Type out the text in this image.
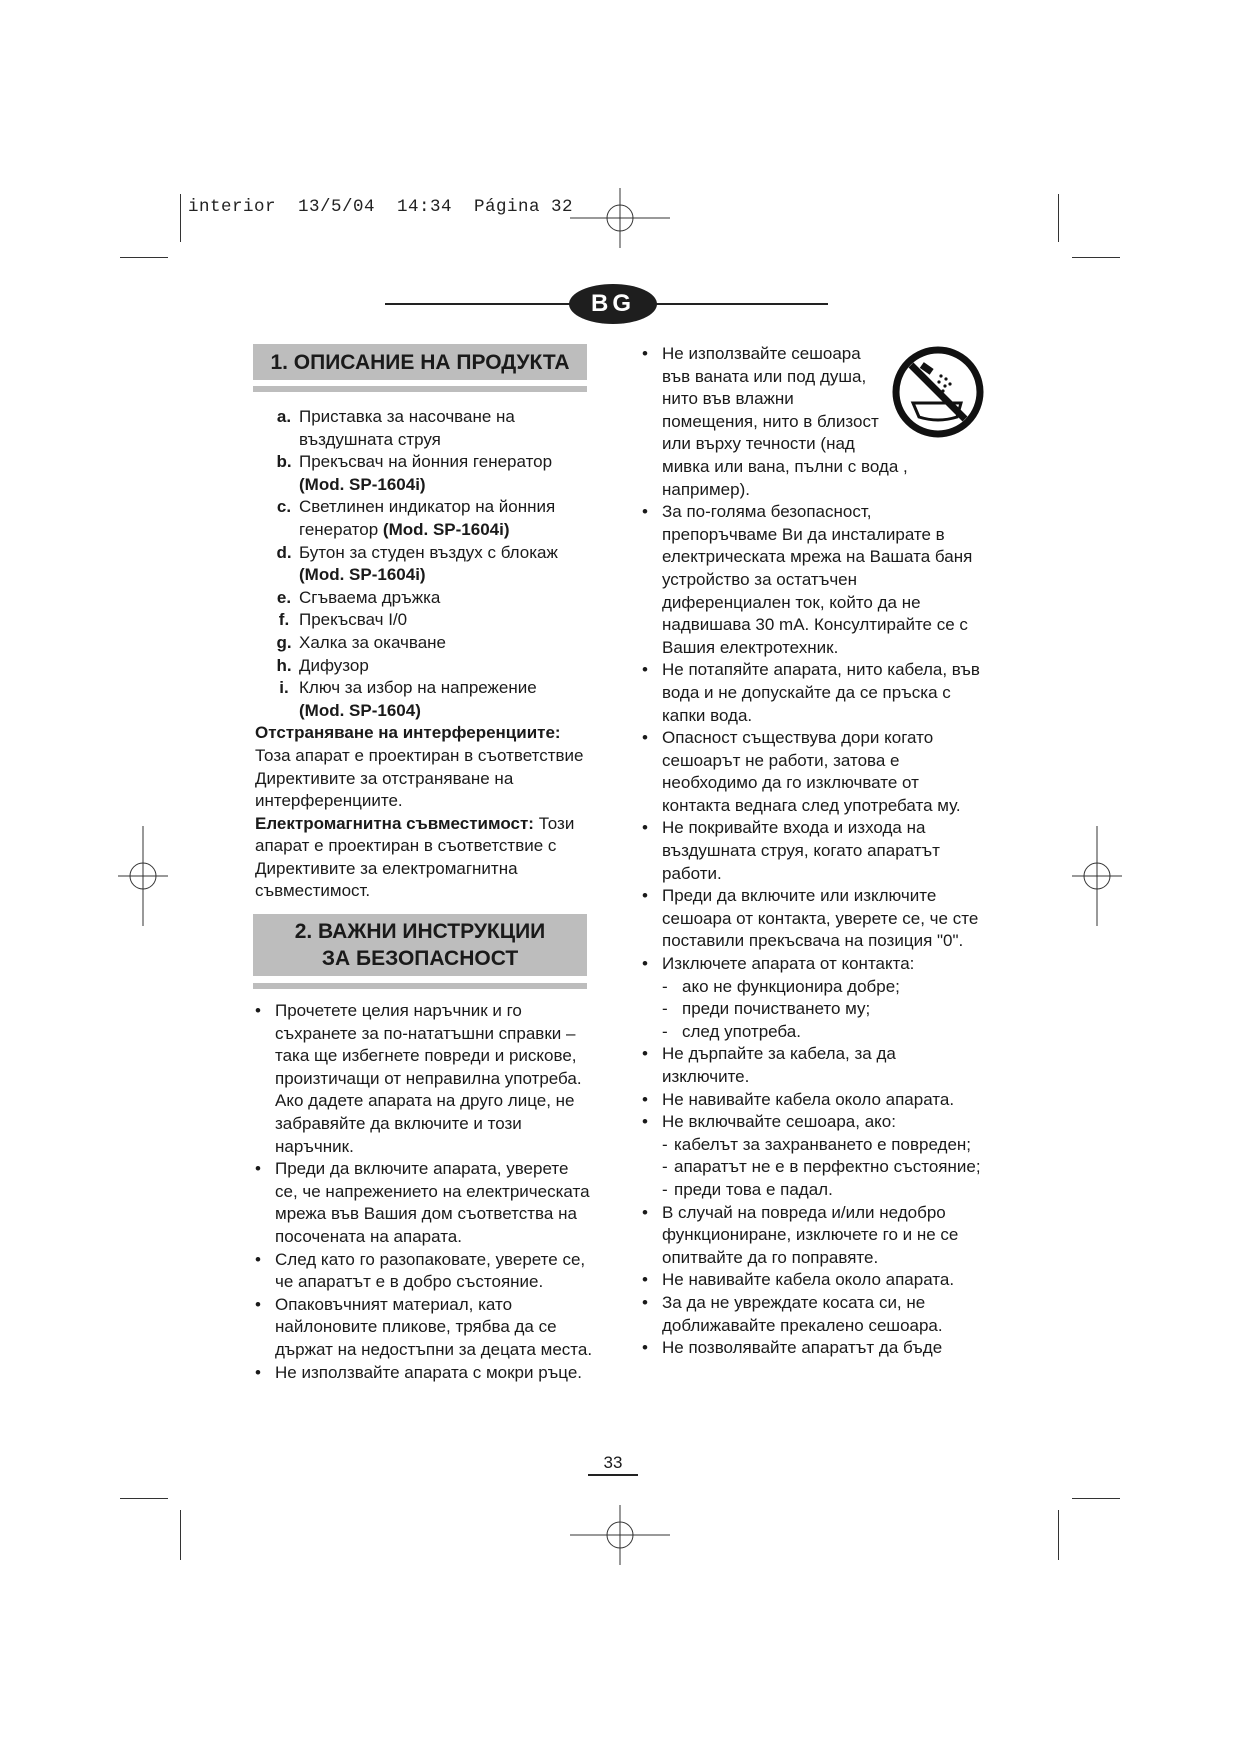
interior  13/5/04  14:34  Página 32
BG
1. ОПИСАНИЕ НА ПРОДУКТА
a. Приставка за насочване на въздушната струя
b. Прекъсвач на йонния генератор
(Mod. SP-1604i)
c. Светлинен индикатор на йонния генератор (Mod. SP-1604i)
d. Бутон за студен въздух с блокаж
(Mod. SP-1604i)
e. Сгъваема дръжка
f. Прекъсвач I/0
g. Халка за окачване
h. Дифузор
i. Ключ за избор на напрежение
(Mod. SP-1604)
Отстраняване на интерференциите:
Тоза апарат е проектиран в съответствие Директивите за отстраняване на интерференциите.
Електромагнитна съвместимост: Този апарат е проектиран в съответствие с Директивите за електромагнитна съвместимост.
2. ВАЖНИ ИНСТРУКЦИИ
ЗА БЕЗОПАСНОСТ
• Прочетете целия наръчник и го съхранете за по-нататъшни справки – така ще избегнете повреди и рискове, произтичащи от неправилна употреба. Ако дадете апарата на друго лице, не забравяйте да включите и този наръчник.
• Преди да включите апарата, уверете се, че напрежението на електрическата мрежа във Вашия дом съответства на посочената на апарата.
• След като го разопаковате, уверете се, че апаратът е в добро състояние.
• Опаковъчният материал, като найлоновите пликове, трябва да се държат на недостъпни за децата места.
• Не използвайте апарата с мокри ръце.
• Не използвайте сешоара във ваната или под душа, нито във влажни помещения, нито в близост или върху течности (над мивка или вана, пълни с вода , например).
• За по-голяма безопасност, препоръчваме Ви да инсталирате в електрическата мрежа на Вашата баня устройство за остатъчен диференциален ток, който да не надвишава 30 mA. Консултирайте се с Вашия електротехник.
• Не потапяйте апарата, нито кабела, във вода и не допускайте да се пръска с капки вода.
• Опасност съществува дори когато сешоарът не работи, затова е необходимо да го изключвате от контакта веднага след употребата му.
• Не покривайте входа и изхода на въздушната струя, когато апаратът работи.
• Преди да включите или изключите сешоара от контакта, уверете се, че сте поставили прекъсвача на позиция "0".
• Изключете апарата от контакта:
- ако не функционира добре;
- преди почистването му;
- след употреба.
• Не дърпайте за кабела, за да изключите.
• Не навивайте кабела около апарата.
• Не включвайте сешоара, ако:
- кабелът за захранването е повреден;
- апаратът не е в перфектно състояние;
- преди това е падал.
• В случай на повреда и/или недобро функциониране, изключете го и не се опитвайте да го поправяте.
• Не навивайте кабела около апарата.
• За да не увреждате косата си, не доближавайте прекалено сешоара.
• Не позволявайте апаратът да бъде
33
